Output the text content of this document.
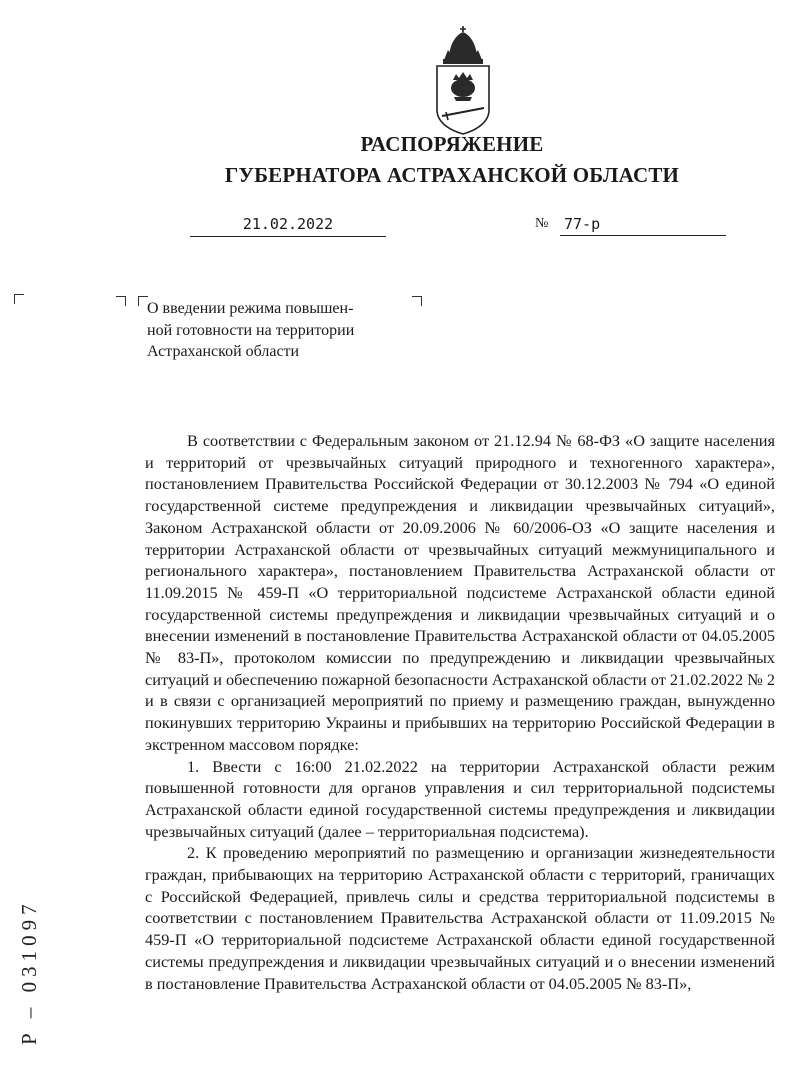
РАСПОРЯЖЕНИЕ
ГУБЕРНАТОРА АСТРАХАНСКОЙ ОБЛАСТИ
21.02.2022	№ 77-р
О введении режима повышен-
ной готовности на территории
Астраханской области

В соответствии с Федеральным законом от 21.12.94 № 68-ФЗ «О защите населения и территорий от чрезвычайных ситуаций природного и техногенного характера», постановлением Правительства Российской Федерации от 30.12.2003 № 794 «О единой государственной системе предупреждения и ликвидации чрезвычайных ситуаций», Законом Астраханской области от 20.09.2006 № 60/2006-ОЗ «О защите населения и территории Астраханской области от чрезвычайных ситуаций межмуниципального и регионального характера», постановлением Правительства Астраханской области от 11.09.2015 № 459-П «О территориальной подсистеме Астраханской области единой государственной системы предупреждения и ликвидации чрезвычайных ситуаций и о внесении изменений в постановление Правительства Астраханской области от 04.05.2005 № 83-П», протоколом комиссии по предупреждению и ликвидации чрезвычайных ситуаций и обеспечению пожарной безопасности Астраханской области от 21.02.2022 № 2 и в связи с организацией мероприятий по приему и размещению граждан, вынужденно покинувших территорию Украины и прибывших на территорию Российской Федерации в экстренном массовом порядке:

1. Ввести с 16:00 21.02.2022 на территории Астраханской области режим повышенной готовности для органов управления и сил территориальной подсистемы Астраханской области единой государственной системы предупреждения и ликвидации чрезвычайных ситуаций (далее – территориальная подсистема).

2. К проведению мероприятий по размещению и организации жизнедеятельности граждан, прибывающих на территорию Астраханской области с территорий, граничащих с Российской Федерацией, привлечь силы и средства территориальной подсистемы в соответствии с постановлением Правительства Астраханской области от 11.09.2015 № 459-П «О территориальной подсистеме Астраханской области единой государственной системы предупреждения и ликвидации чрезвычайных ситуаций и о внесении изменений в постановление Правительства Астраханской области от 04.05.2005 № 83-П»,

Р – 031097
